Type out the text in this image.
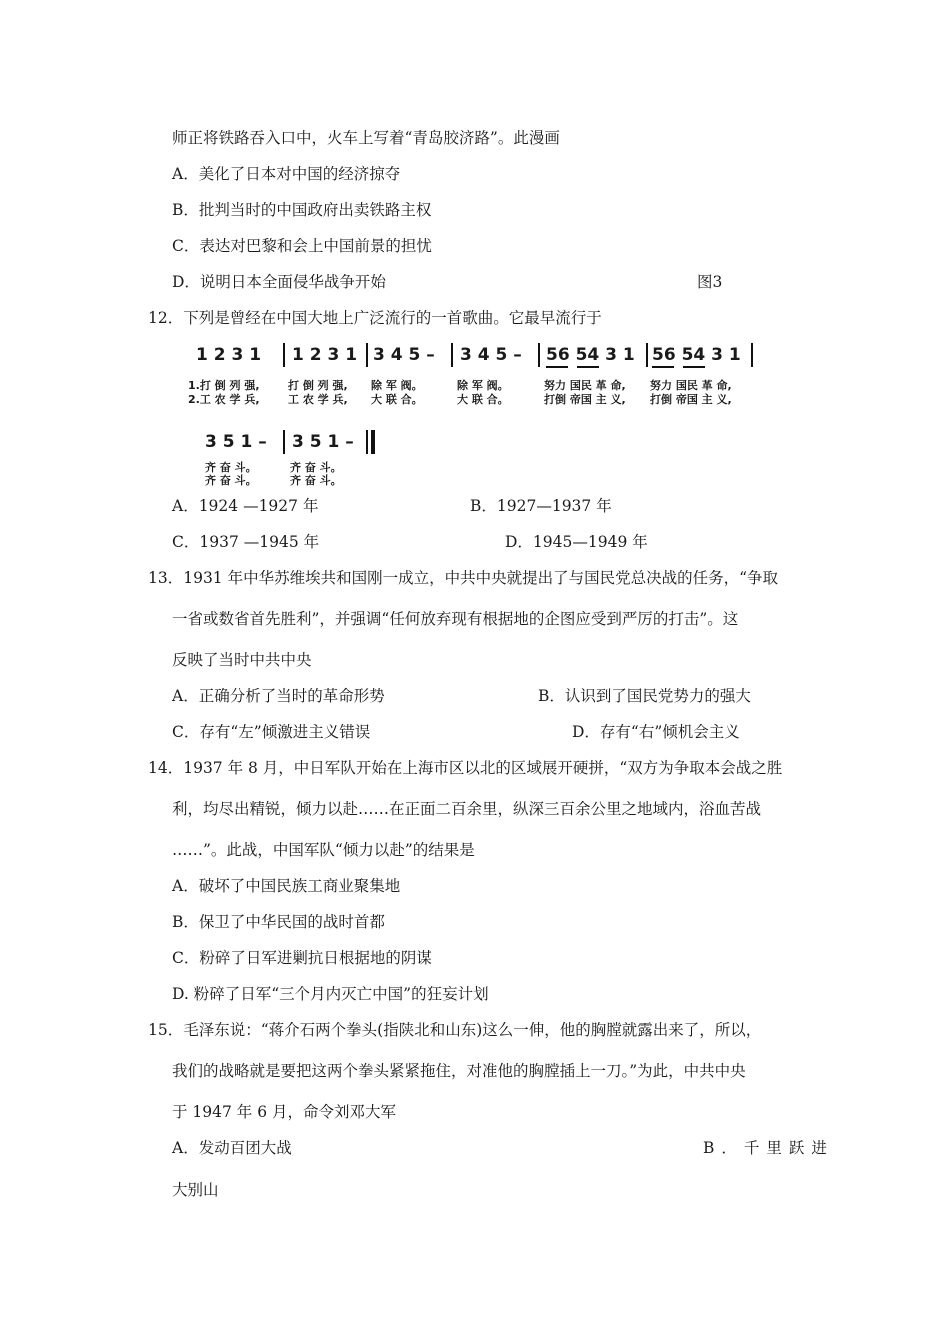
师正将铁路吞入口中，火车上写着“青岛胶济路”。此漫画
A．美化了日本对中国的经济掠夺
B．批判当时的中国政府出卖铁路主权
C．表达对巴黎和会上中国前景的担忧
D．说明日本全面侵华战争开始	图3
12．下列是曾经在中国大地上广泛流行的一首歌曲。它最早流行于
1 2 3 1
1.打 倒 列 强,
2.工 农 学 兵,
1 2 3 1
打 倒 列 强,
工 农 学 兵,
3 4 5 –
除 军 阀。
大 联 合。
3 4 5 –
除 军 阀。
大 联 合。
56 54 3 1
努力 国民 革 命,
打倒 帝国 主 义,
56 54 3 1
努力 国民 革 命,
打倒 帝国 主 义,
3 5 1 –
齐 奋 斗。
齐 奋 斗。
3 5 1 –
齐 奋 斗。
齐 奋 斗。
A．1924 —1927 年	B．1927—1937 年
C．1937 —1945 年	D．1945—1949 年
13．1931 年中华苏维埃共和国刚一成立，中共中央就提出了与国民党总决战的任务，“争取
一省或数省首先胜利”，并强调“任何放弃现有根据地的企图应受到严厉的打击”。这
反映了当时中共中央
A．正确分析了当时的革命形势	B．认识到了国民党势力的强大
C．存有“左”倾激进主义错误	D．存有“右”倾机会主义
14．1937 年 8 月，中日军队开始在上海市区以北的区域展开硬拼，“双方为争取本会战之胜
利，均尽出精锐，倾力以赴……在正面二百余里，纵深三百余公里之地域内，浴血苦战
……”。此战，中国军队“倾力以赴”的结果是
A．破坏了中国民族工商业聚集地
B．保卫了中华民国的战时首都
C．粉碎了日军进剿抗日根据地的阴谋
D. 粉碎了日军“三个月内灭亡中国”的狂妄计划
15．毛泽东说：“蒋介石两个拳头(指陕北和山东)这么一伸，他的胸膛就露出来了，所以，
我们的战略就是要把这两个拳头紧紧拖住，对准他的胸膛插上一刀。”为此，中共中央
于 1947 年 6 月，命令刘邓大军
A．发动百团大战	B．千里跃进
大别山
